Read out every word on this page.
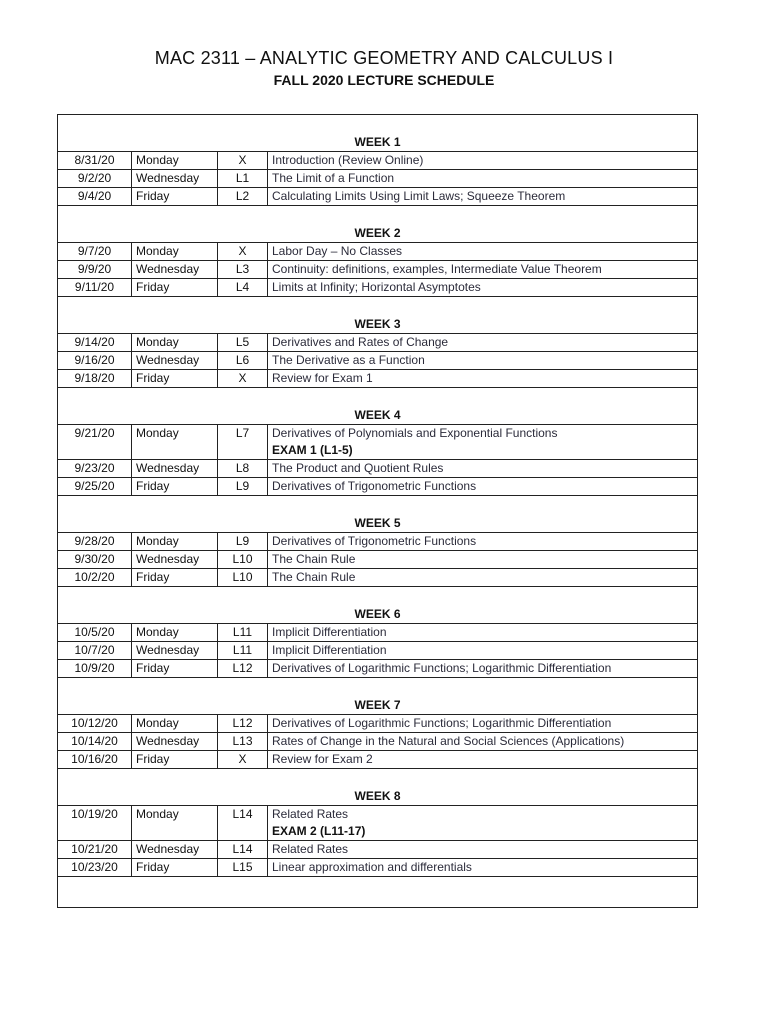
MAC 2311 – ANALYTIC GEOMETRY AND CALCULUS I
FALL 2020 LECTURE SCHEDULE
WEEK 1			
8/31/20	Monday	X	Introduction (Review Online)
9/2/20	Wednesday	L1	The Limit of a Function
9/4/20	Friday	L2	Calculating Limits Using Limit Laws; Squeeze Theorem
WEEK 2			
9/7/20	Monday	X	Labor Day – No Classes
9/9/20	Wednesday	L3	Continuity: definitions, examples, Intermediate Value Theorem
9/11/20	Friday	L4	Limits at Infinity; Horizontal Asymptotes
WEEK 3			
9/14/20	Monday	L5	Derivatives and Rates of Change
9/16/20	Wednesday	L6	The Derivative as a Function
9/18/20	Friday	X	Review for Exam 1
WEEK 4			
9/21/20	Monday	L7	Derivatives of Polynomials and Exponential Functions
EXAM 1 (L1-5)

9/23/20	Wednesday	L8	The Product and Quotient Rules
9/25/20	Friday	L9	Derivatives of Trigonometric Functions
WEEK 5			
9/28/20	Monday	L9	Derivatives of Trigonometric Functions
9/30/20	Wednesday	L10	The Chain Rule
10/2/20	Friday	L10	The Chain Rule
WEEK 6			
10/5/20	Monday	L11	Implicit Differentiation
10/7/20	Wednesday	L11	Implicit Differentiation
10/9/20	Friday	L12	Derivatives of Logarithmic Functions; Logarithmic Differentiation
WEEK 7			
10/12/20	Monday	L12	Derivatives of Logarithmic Functions; Logarithmic Differentiation
10/14/20	Wednesday	L13	Rates of Change in the Natural and Social Sciences (Applications)
10/16/20	Friday	X	Review for Exam 2
WEEK 8			
10/19/20	Monday	L14	Related Rates
EXAM 2 (L11-17)

10/21/20	Wednesday	L14	Related Rates
10/23/20	Friday	L15	Linear approximation and differentials
